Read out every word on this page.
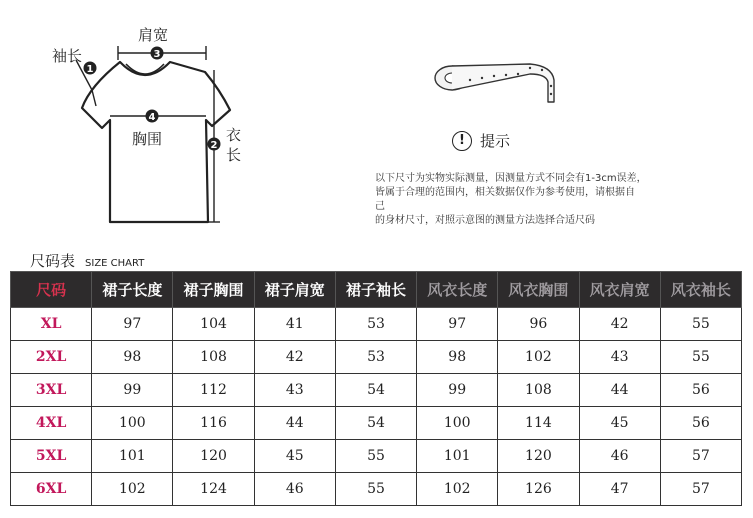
1
2
3
4
肩宽
袖长
胸围	衣
长
!	提示
以下尺寸为实物实际测量，因测量方式不同会有1-3cm误差，
皆属于合理的范围内，相关数据仅作为参考使用，请根据自
己
的身材尺寸，对照示意图的测量方法选择合适尺码
尺码表 SIZE CHART
尺码	裙子长度	裙子胸围	裙子肩宽	裙子袖长	风衣长度	风衣胸围	风衣肩宽	风衣袖长
XL	97	104	41	53	97	96	42	55
2XL	98	108	42	53	98	102	43	55
3XL	99	112	43	54	99	108	44	56
4XL	100	116	44	54	100	114	45	56
5XL	101	120	45	55	101	120	46	57
6XL	102	124	46	55	102	126	47	57
